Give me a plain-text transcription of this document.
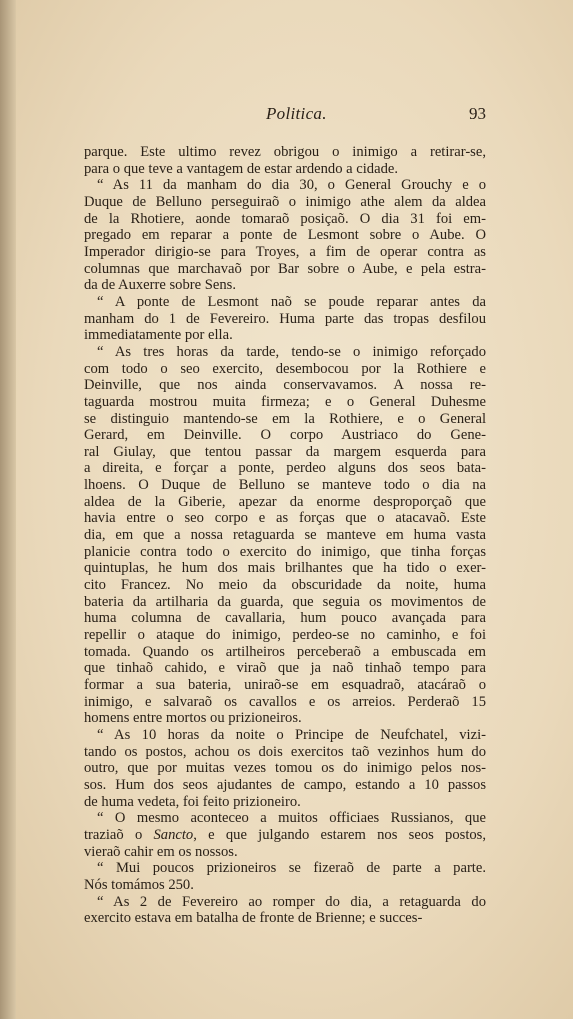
Politica.	93
parque. Este ultimo revez obrigou o inimigo a retirar-se,
para o que teve a vantagem de estar ardendo a cidade.
“ As 11 da manham do dia 30, o General Grouchy e o
Duque de Belluno perseguiraõ o inimigo athe alem da aldea
de la Rhotiere, aonde tomaraõ posiçaõ. O dia 31 foi em-
pregado em reparar a ponte de Lesmont sobre o Aube. O
Imperador dirigio-se para Troyes, a fim de operar contra as
columnas que marchavaõ por Bar sobre o Aube, e pela estra-
da de Auxerre sobre Sens.
“ A ponte de Lesmont naõ se poude reparar antes da
manham do 1 de Fevereiro. Huma parte das tropas desfilou
immediatamente por ella.
“ As tres horas da tarde, tendo-se o inimigo reforçado
com todo o seo exercito, desembocou por la Rothiere e
Deinville, que nos ainda conservavamos. A nossa re-
taguarda mostrou muita firmeza; e o General Duhesme
se distinguio mantendo-se em la Rothiere, e o General
Gerard, em Deinville. O corpo Austriaco do Gene-
ral Giulay, que tentou passar da margem esquerda para
a direita, e forçar a ponte, perdeo alguns dos seos bata-
lhoens. O Duque de Belluno se manteve todo o dia na
aldea de la Giberie, apezar da enorme desproporçaõ que
havia entre o seo corpo e as forças que o atacavaõ. Este
dia, em que a nossa retaguarda se manteve em huma vasta
planicie contra todo o exercito do inimigo, que tinha forças
quintuplas, he hum dos mais brilhantes que ha tido o exer-
cito Francez. No meio da obscuridade da noite, huma
bateria da artilharia da guarda, que seguia os movimentos de
huma columna de cavallaria, hum pouco avançada para
repellir o ataque do inimigo, perdeo-se no caminho, e foi
tomada. Quando os artilheiros perceberaõ a embuscada em
que tinhaõ cahido, e viraõ que ja naõ tinhaõ tempo para
formar a sua bateria, uniraõ-se em esquadraõ, atacáraõ o
inimigo, e salvaraõ os cavallos e os arreios. Perderaõ 15
homens entre mortos ou prizioneiros.
“ As 10 horas da noite o Principe de Neufchatel, vizi-
tando os postos, achou os dois exercitos taõ vezinhos hum do
outro, que por muitas vezes tomou os do inimigo pelos nos-
sos. Hum dos seos ajudantes de campo, estando a 10 passos
de huma vedeta, foi feito prizioneiro.
“ O mesmo aconteceo a muitos officiaes Russianos, que
traziaõ o Sancto, e que julgando estarem nos seos postos,
vieraõ cahir em os nossos.
“ Mui poucos prizioneiros se fizeraõ de parte a parte.
Nós tomámos 250.
“ As 2 de Fevereiro ao romper do dia, a retaguarda do
exercito estava em batalha de fronte de Brienne; e succes-
